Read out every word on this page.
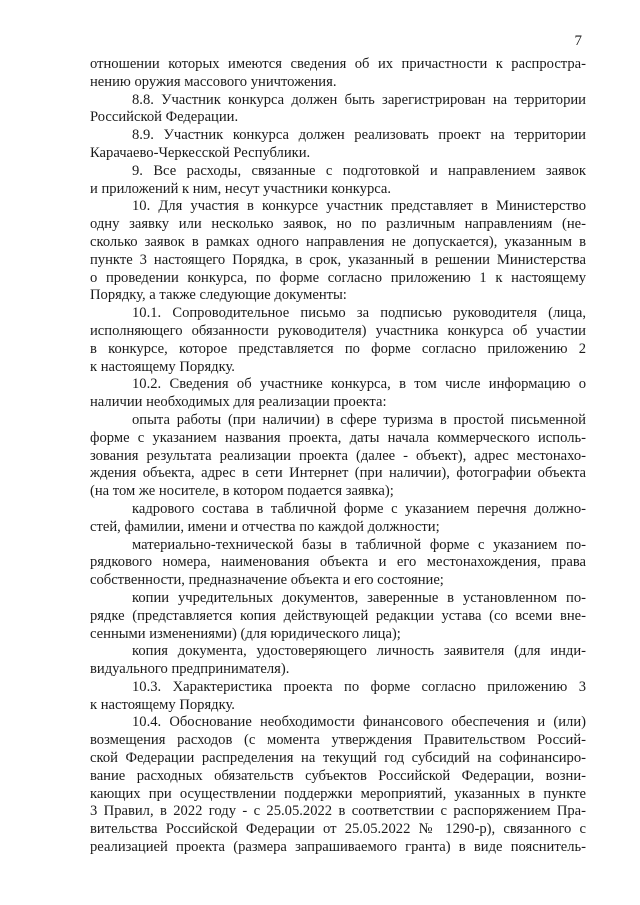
7
отношении которых имеются сведения об их причастности к распростра-
нению оружия массового уничтожения.
8.8. Участник конкурса должен быть зарегистрирован на территории
Российской Федерации.
8.9. Участник конкурса должен реализовать проект на территории
Карачаево-Черкесской Республики.
9. Все расходы, связанные с подготовкой и направлением заявок
и приложений к ним, несут участники конкурса.
10. Для участия в конкурсе участник представляет в Министерство
одну заявку или несколько заявок, но по различным направлениям (не-
сколько заявок в рамках одного направления не допускается), указанным в
пункте 3 настоящего Порядка, в срок, указанный в решении Министерства
о проведении конкурса, по форме согласно приложению 1 к настоящему
Порядку, а также следующие документы:
10.1. Сопроводительное письмо за подписью руководителя (лица,
исполняющего обязанности руководителя) участника конкурса об участии
в конкурсе, которое представляется по форме согласно приложению 2
к настоящему Порядку.
10.2. Сведения об участнике конкурса, в том числе информацию о
наличии необходимых для реализации проекта:
опыта работы (при наличии) в сфере туризма в простой письменной
форме с указанием названия проекта, даты начала коммерческого исполь-
зования результата реализации проекта (далее - объект), адрес местонахо-
ждения объекта, адрес в сети Интернет (при наличии), фотографии объекта
(на том же носителе, в котором подается заявка);
кадрового состава в табличной форме с указанием перечня должно-
стей, фамилии, имени и отчества по каждой должности;
материально-технической базы в табличной форме с указанием по-
рядкового номера, наименования объекта и его местонахождения, права
собственности, предназначение объекта и его состояние;
копии учредительных документов, заверенные в установленном по-
рядке (представляется копия действующей редакции устава (со всеми вне-
сенными изменениями) (для юридического лица);
копия документа, удостоверяющего личность заявителя (для инди-
видуального предпринимателя).
10.3. Характеристика проекта по форме согласно приложению 3
к настоящему Порядку.
10.4. Обоснование необходимости финансового обеспечения и (или)
возмещения расходов (с момента утверждения Правительством Россий-
ской Федерации распределения на текущий год субсидий на софинансиро-
вание расходных обязательств субъектов Российской Федерации, возни-
кающих при осуществлении поддержки мероприятий, указанных в пункте
3 Правил, в 2022 году - с 25.05.2022 в соответствии с распоряжением Пра-
вительства Российской Федерации от 25.05.2022 № 1290-р), связанного с
реализацией проекта (размера запрашиваемого гранта) в виде пояснитель-
